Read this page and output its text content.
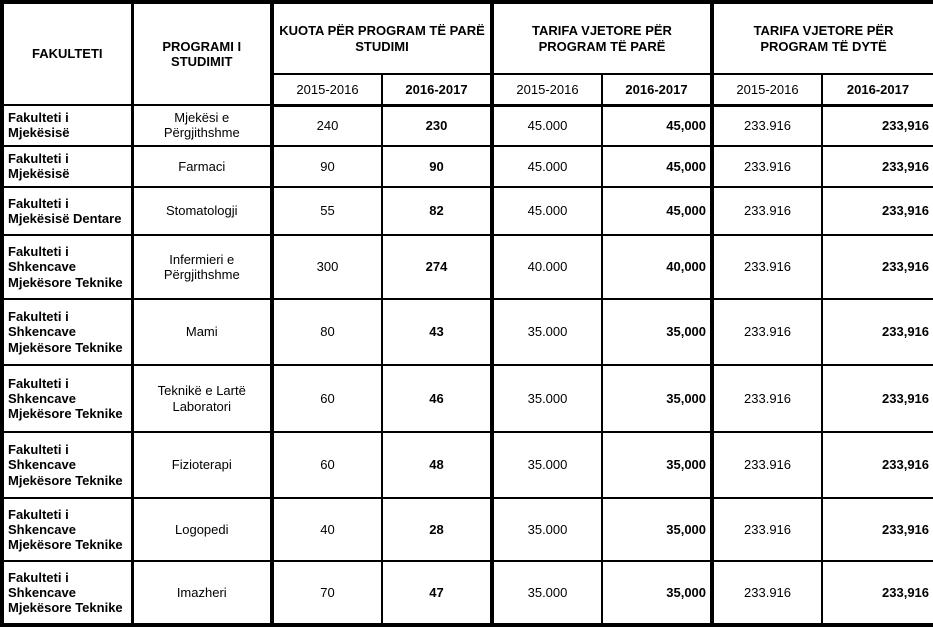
FAKULTETI	PROGRAMI I STUDIMIT	KUOTA PËR PROGRAM TË PARË STUDIMI		TARIFA VJETORE PËR PROGRAM TË PARË		TARIFA VJETORE PËR PROGRAM TË DYTË	
		2015-2016	2016-2017	2015-2016	2016-2017	2015-2016	2016-2017
Fakulteti i Mjekësisë	Mjekësi e Përgjithshme	240	230	45.000	45,000	233.916	233,916
Fakulteti i Mjekësisë	Farmaci	90	90	45.000	45,000	233.916	233,916
Fakulteti i Mjekësisë Dentare	Stomatologji	55	82	45.000	45,000	233.916	233,916
Fakulteti i Shkencave Mjekësore Teknike	Infermieri e Përgjithshme	300	274	40.000	40,000	233.916	233,916
Fakulteti i Shkencave Mjekësore Teknike	Mami	80	43	35.000	35,000	233.916	233,916
Fakulteti i Shkencave Mjekësore Teknike	Teknikë e Lartë Laboratori	60	46	35.000	35,000	233.916	233,916
Fakulteti i Shkencave Mjekësore Teknike	Fizioterapi	60	48	35.000	35,000	233.916	233,916
Fakulteti i Shkencave Mjekësore Teknike	Logopedi	40	28	35.000	35,000	233.916	233,916
Fakulteti i Shkencave Mjekësore Teknike	Imazheri	70	47	35.000	35,000	233.916	233,916
